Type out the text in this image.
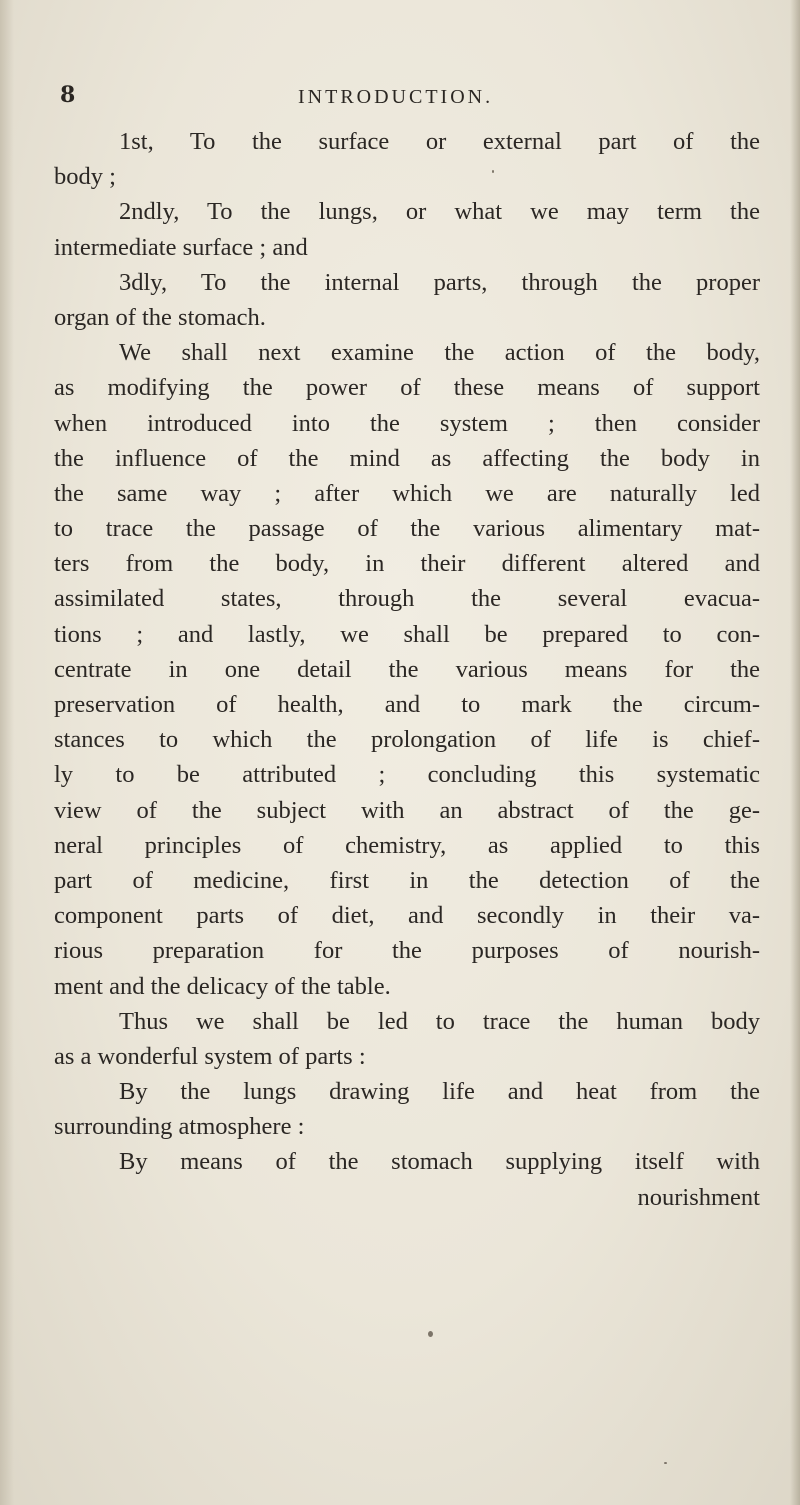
8	INTRODUCTION.
1st, To the surface or external part of the
body ;
2ndly, To the lungs, or what we may term the
intermediate surface ; and
3dly, To the internal parts, through the proper
organ of the stomach.
We shall next examine the action of the body,
as modifying the power of these means of support
when introduced into the system ; then consider
the influence of the mind as affecting the body in
the same way ; after which we are naturally led
to trace the passage of the various alimentary mat-
ters from the body, in their different altered and
assimilated states, through the several evacua-
tions ; and lastly, we shall be prepared to con-
centrate in one detail the various means for the
preservation of health, and to mark the circum-
stances to which the prolongation of life is chief-
ly to be attributed ; concluding this systematic
view of the subject with an abstract of the ge-
neral principles of chemistry, as applied to this
part of medicine, first in the detection of the
component parts of diet, and secondly in their va-
rious preparation for the purposes of nourish-
ment and the delicacy of the table.
Thus we shall be led to trace the human body
as a wonderful system of parts :
By the lungs drawing life and heat from the
surrounding atmosphere :
By means of the stomach supplying itself with
nourishment
